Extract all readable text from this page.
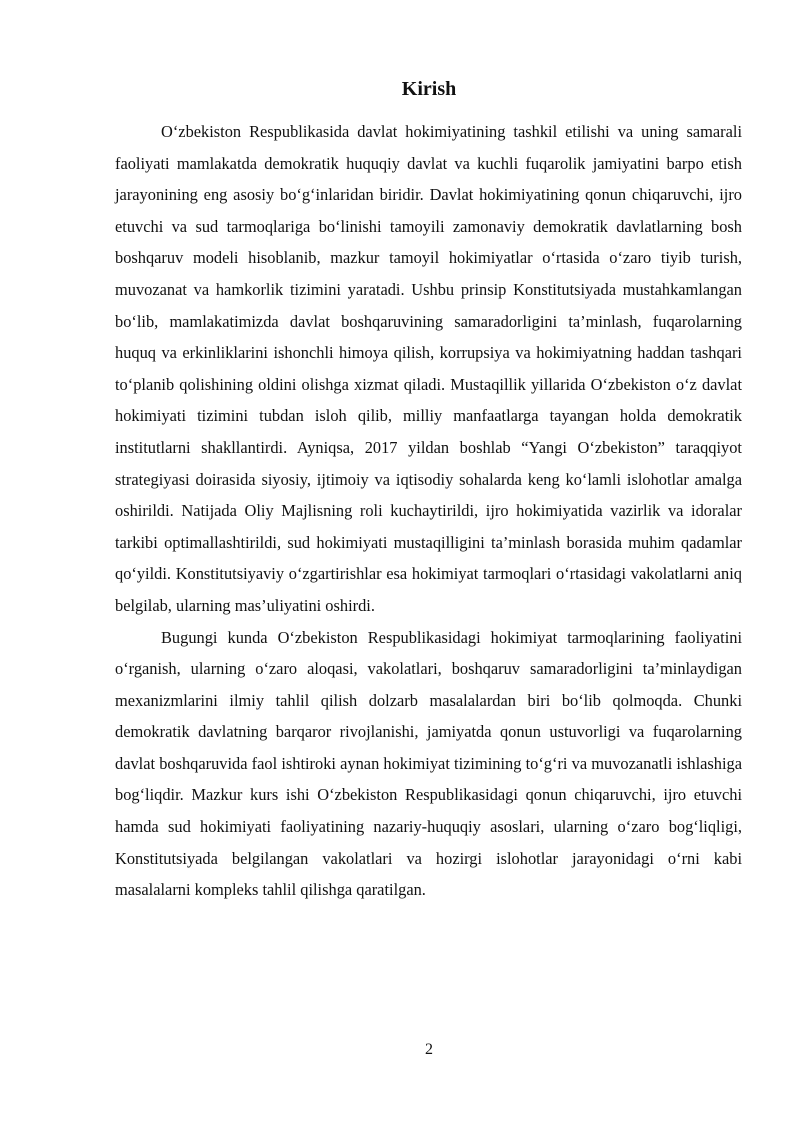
Kirish

O‘zbekiston Respublikasida davlat hokimiyatining tashkil etilishi va uning samarali faoliyati mamlakatda demokratik huquqiy davlat va kuchli fuqarolik jamiyatini barpo etish jarayonining eng asosiy bo‘g‘inlaridan biridir. Davlat hokimiyatining qonun chiqaruvchi, ijro etuvchi va sud tarmoqlariga bo‘linishi tamoyili zamonaviy demokratik davlatlarning bosh boshqaruv modeli hisoblanib, mazkur tamoyil hokimiyatlar o‘rtasida o‘zaro tiyib turish, muvozanat va hamkorlik tizimini yaratadi. Ushbu prinsip Konstitutsiyada mustahkamlangan bo‘lib, mamlakatimizda davlat boshqaruvining samaradorligini ta’minlash, fuqarolarning huquq va erkinliklarini ishonchli himoya qilish, korrupsiya va hokimiyatning haddan tashqari to‘planib qolishining oldini olishga xizmat qiladi. Mustaqillik yillarida O‘zbekiston o‘z davlat hokimiyati tizimini tubdan isloh qilib, milliy manfaatlarga tayangan holda demokratik institutlarni shakllantirdi. Ayniqsa, 2017 yildan boshlab “Yangi O‘zbekiston” taraqqiyot strategiyasi doirasida siyosiy, ijtimoiy va iqtisodiy sohalarda keng ko‘lamli islohotlar amalga oshirildi. Natijada Oliy Majlisning roli kuchaytirildi, ijro hokimiyatida vazirlik va idoralar tarkibi optimallashtirildi, sud hokimiyati mustaqilligini ta’minlash borasida muhim qadamlar qo‘yildi. Konstitutsiyaviy o‘zgartirishlar esa hokimiyat tarmoqlari o‘rtasidagi vakolatlarni aniq belgilab, ularning mas’uliyatini oshirdi.

Bugungi kunda O‘zbekiston Respublikasidagi hokimiyat tarmoqlarining faoliyatini o‘rganish, ularning o‘zaro aloqasi, vakolatlari, boshqaruv samaradorligini ta’minlaydigan mexanizmlarini ilmiy tahlil qilish dolzarb masalalardan biri bo‘lib qolmoqda. Chunki demokratik davlatning barqaror rivojlanishi, jamiyatda qonun ustuvorligi va fuqarolarning davlat boshqaruvida faol ishtiroki aynan hokimiyat tizimining to‘g‘ri va muvozanatli ishlashiga bog‘liqdir. Mazkur kurs ishi O‘zbekiston Respublikasidagi qonun chiqaruvchi, ijro etuvchi hamda sud hokimiyati faoliyatining nazariy-huquqiy asoslari, ularning o‘zaro bog‘liqligi, Konstitutsiyada belgilangan vakolatlari va hozirgi islohotlar jarayonidagi o‘rni kabi masalalarni kompleks tahlil qilishga qaratilgan.

2
